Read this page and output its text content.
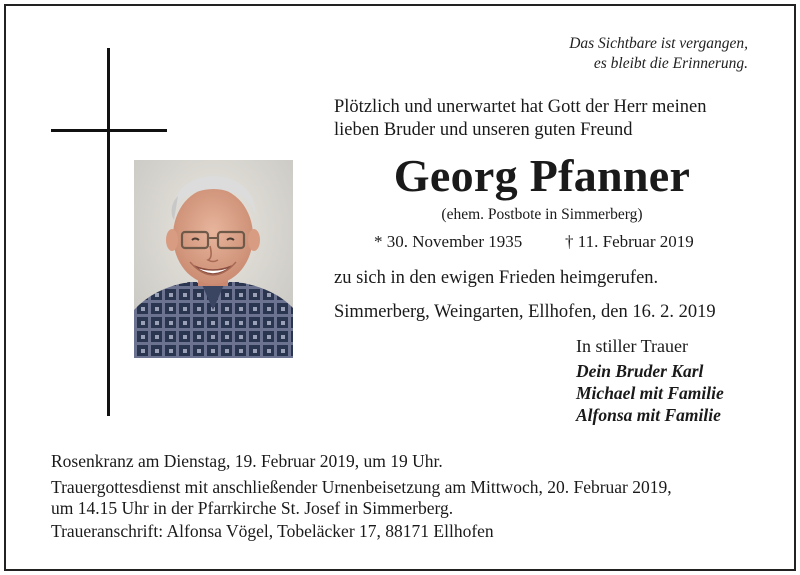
Das Sichtbare ist vergangen,
es bleibt die Erinnerung.
Plötzlich und unerwartet hat Gott der Herr meinen
lieben Bruder und unseren guten Freund
Georg Pfanner
(ehem. Postbote in Simmerberg)
* 30. November 1935	† 11. Februar 2019
zu sich in den ewigen Frieden heimgerufen.
Simmerberg, Weingarten, Ellhofen, den 16. 2. 2019
In stiller Trauer
Dein Bruder Karl
Michael mit Familie
Alfonsa mit Familie
Rosenkranz am Dienstag, 19. Februar 2019, um 19 Uhr.
Trauergottesdienst mit anschließender Urnenbeisetzung am Mittwoch, 20. Februar 2019,
um 14.15 Uhr in der Pfarrkirche St. Josef in Simmerberg.
Traueranschrift: Alfonsa Vögel, Tobeläcker 17, 88171 Ellhofen
